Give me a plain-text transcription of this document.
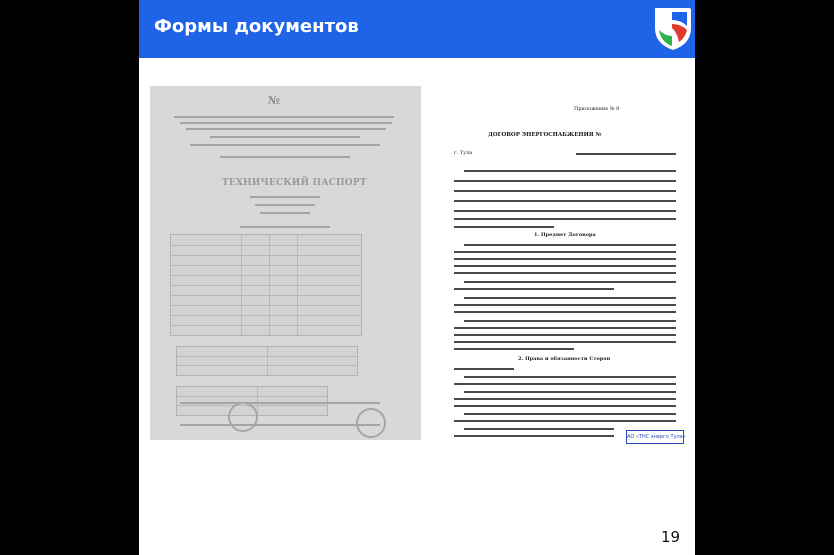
Формы документов
№
ТЕХНИЧЕСКИЙ ПАСПОРТ
Приложение № 8
ДОГОВОР ЭНЕРГОСНАБЖЕНИЯ №
г. Тула
1. Предмет Договора
2. Права и обязанности Сторон
АО «ТНС энерго Тула»
19
